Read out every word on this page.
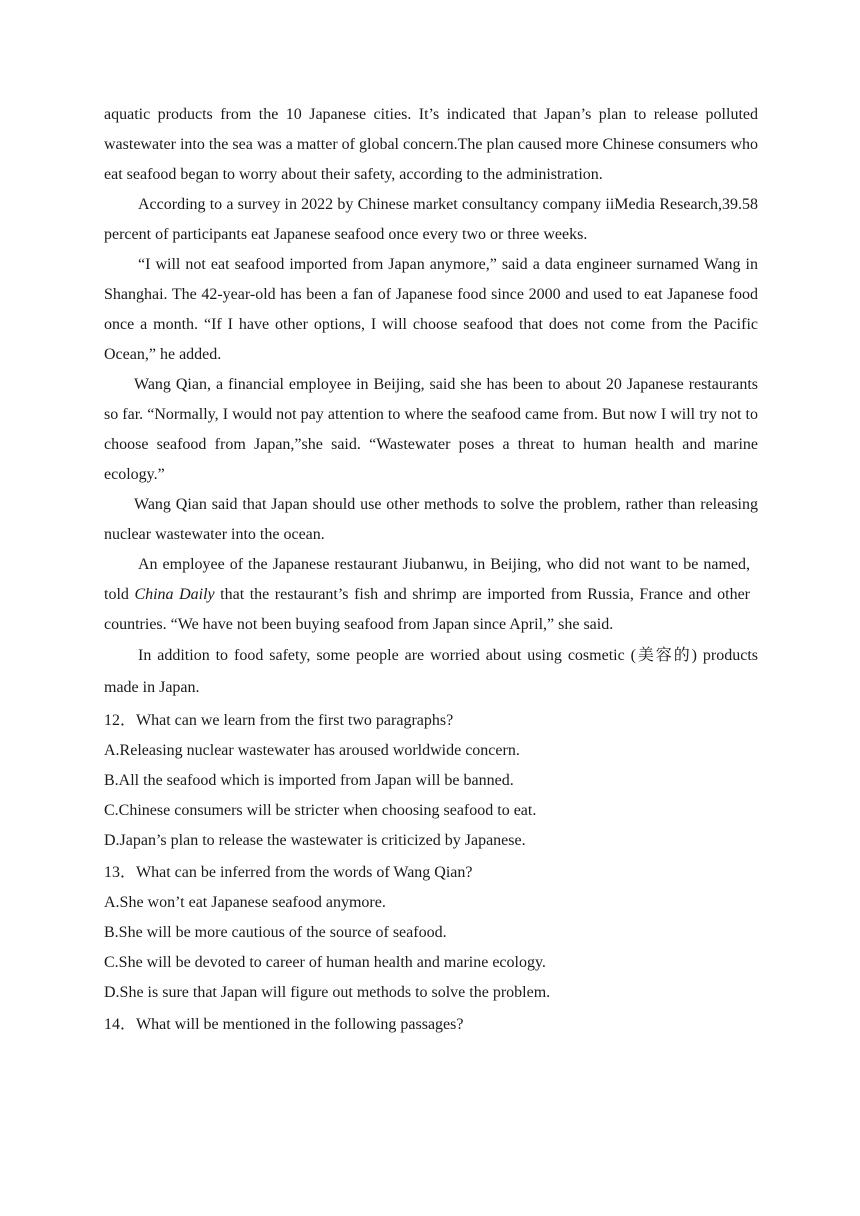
aquatic products from the 10 Japanese cities. It’s indicated that Japan’s plan to release polluted wastewater into the sea was a matter of global concern.The plan caused more Chinese consumers who eat seafood began to worry about their safety, according to the administration.

According to a survey in 2022 by Chinese market consultancy company iiMedia Research,39.58 percent of participants eat Japanese seafood once every two or three weeks.

“I will not eat seafood imported from Japan anymore,” said a data engineer surnamed Wang in Shanghai. The 42-year-old has been a fan of Japanese food since 2000 and used to eat Japanese food once a month. “If I have other options, I will choose seafood that does not come from the Pacific Ocean,” he added.

Wang Qian, a financial employee in Beijing, said she has been to about 20 Japanese restaurants so far. “Normally, I would not pay attention to where the seafood came from. But now I will try not to choose seafood from Japan,”she said. “Wastewater poses a threat to human health and marine ecology.”

Wang Qian said that Japan should use other methods to solve the problem, rather than releasing nuclear wastewater into the ocean.

An employee of the Japanese restaurant Jiubanwu, in Beijing, who did not want to be named, told China Daily that the restaurant’s fish and shrimp are imported from Russia, France and other countries. “We have not been buying seafood from Japan since April,” she said.

In addition to food safety, some people are worried about using cosmetic (美容的) products made in Japan.

12．What can we learn from the first two paragraphs?

A.Releasing nuclear wastewater has aroused worldwide concern.

B.All the seafood which is imported from Japan will be banned.

C.Chinese consumers will be stricter when choosing seafood to eat.

D.Japan’s plan to release the wastewater is criticized by Japanese.

13．What can be inferred from the words of Wang Qian?

A.She won’t eat Japanese seafood anymore.

B.She will be more cautious of the source of seafood.

C.She will be devoted to career of human health and marine ecology.

D.She is sure that Japan will figure out methods to solve the problem.

14．What will be mentioned in the following passages?
